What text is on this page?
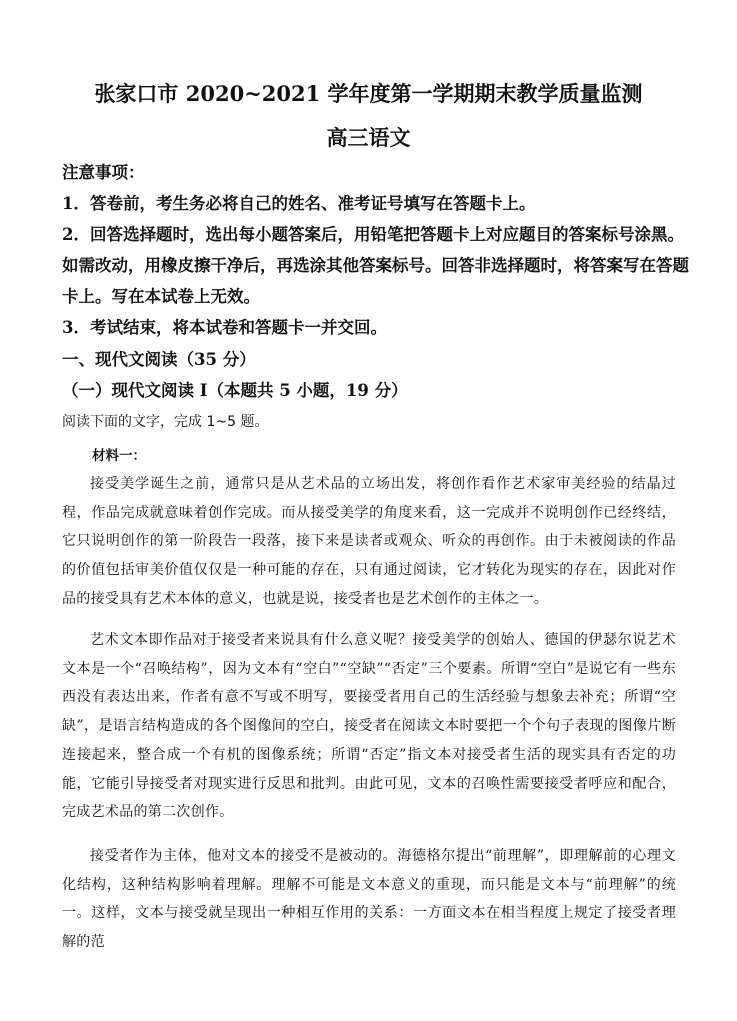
张家口市 2020~2021 学年度第一学期期末教学质量监测
高三语文
注意事项：
1．答卷前，考生务必将自己的姓名、准考证号填写在答题卡上。
2．回答选择题时，选出每小题答案后，用铅笔把答题卡上对应题目的答案标号涂黑。
如需改动，用橡皮擦干净后，再选涂其他答案标号。回答非选择题时，将答案写在答题
卡上。写在本试卷上无效。
3．考试结束，将本试卷和答题卡一并交回。
一、现代文阅读（35 分）
（一）现代文阅读 I（本题共 5 小题，19 分）
阅读下面的文字，完成 1~5 题。
材料一：
接受美学诞生之前，通常只是从艺术品的立场出发，将创作看作艺术家审美经验的结晶过程，作品完成就意味着创作完成。而从接受美学的角度来看，这一完成并不说明创作已经终结，它只说明创作的第一阶段告一段落，接下来是读者或观众、听众的再创作。由于未被阅读的作品的价值包括审美价值仅仅是一种可能的存在，只有通过阅读，它才转化为现实的存在，因此对作品的接受具有艺术本体的意义，也就是说，接受者也是艺术创作的主体之一。
艺术文本即作品对于接受者来说具有什么意义呢？接受美学的创始人、德国的伊瑟尔说艺术文本是一个“召唤结构”，因为文本有“空白”“空缺”“否定”三个要素。所谓“空白”是说它有一些东西没有表达出来，作者有意不写或不明写，要接受者用自己的生活经验与想象去补充；所谓“空缺”，是语言结构造成的各个图像间的空白，接受者在阅读文本时要把一个个句子表现的图像片断连接起来，整合成一个有机的图像系统；所谓“否定”指文本对接受者生活的现实具有否定的功能，它能引导接受者对现实进行反思和批判。由此可见，文本的召唤性需要接受者呼应和配合，完成艺术品的第二次创作。
接受者作为主体，他对文本的接受不是被动的。海德格尔提出“前理解”，即理解前的心理文化结构，这种结构影响着理解。理解不可能是文本意义的重现，而只能是文本与“前理解”的统一。这样，文本与接受就呈现出一种相互作用的关系：一方面文本在相当程度上规定了接受者理解的范
